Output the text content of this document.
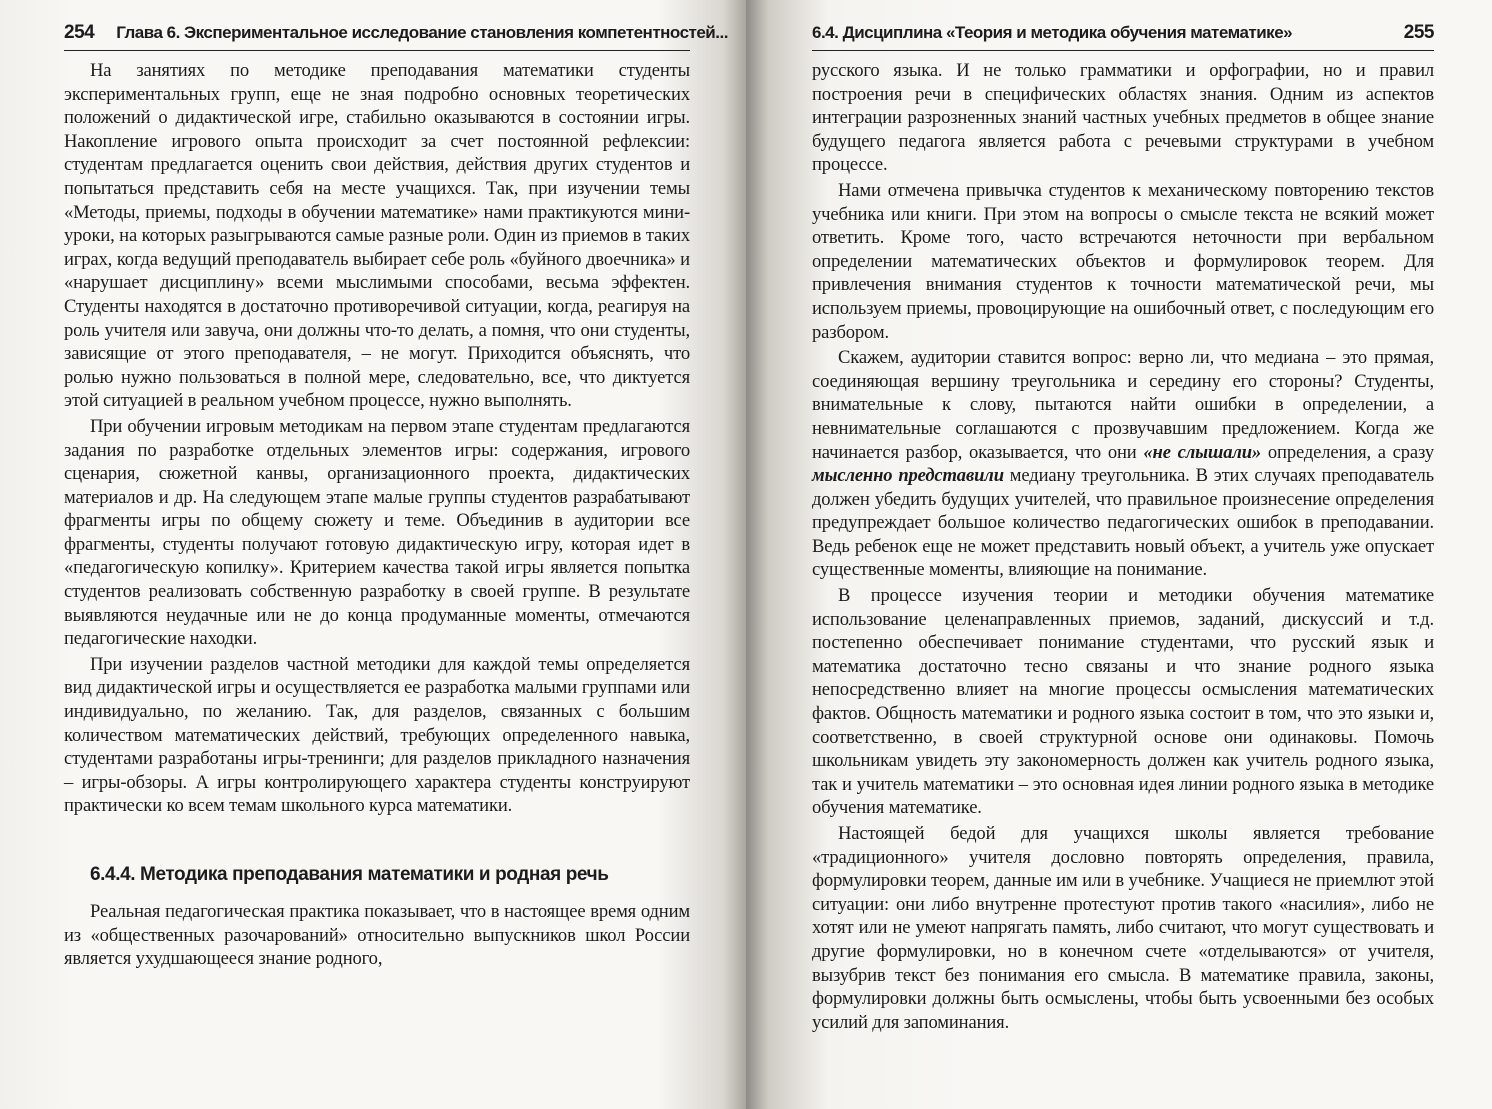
254 Глава 6. Экспериментальное исследование становления компетентностей...

На занятиях по методике преподавания математики студенты экспериментальных групп, еще не зная подробно основных теоретических положений о дидактической игре, стабильно оказываются в состоянии игры. Накопление игрового опыта происходит за счет постоянной рефлексии: студентам предлагается оценить свои действия, действия других студентов и попытаться представить себя на месте учащихся. Так, при изучении темы «Методы, приемы, подходы в обучении математике» нами практикуются мини-уроки, на которых разыгрываются самые разные роли. Один из приемов в таких играх, когда ведущий преподаватель выбирает себе роль «буйного двоечника» и «нарушает дисциплину» всеми мыслимыми способами, весьма эффектен. Студенты находятся в достаточно противоречивой ситуации, когда, реагируя на роль учителя или завуча, они должны что-то делать, а помня, что они студенты, зависящие от этого преподавателя, – не могут. Приходится объяснять, что ролью нужно пользоваться в полной мере, следовательно, все, что диктуется этой ситуацией в реальном учебном процессе, нужно выполнять.

При обучении игровым методикам на первом этапе студентам предлагаются задания по разработке отдельных элементов игры: содержания, игрового сценария, сюжетной канвы, организационного проекта, дидактических материалов и др. На следующем этапе малые группы студентов разрабатывают фрагменты игры по общему сюжету и теме. Объединив в аудитории все фрагменты, студенты получают готовую дидактическую игру, которая идет в «педагогическую копилку». Критерием качества такой игры является попытка студентов реализовать собственную разработку в своей группе. В результате выявляются неудачные или не до конца продуманные моменты, отмечаются педагогические находки.

При изучении разделов частной методики для каждой темы определяется вид дидактической игры и осуществляется ее разработка малыми группами или индивидуально, по желанию. Так, для разделов, связанных с большим количеством математических действий, требующих определенного навыка, студентами разработаны игры-тренинги; для разделов прикладного назначения – игры-обзоры. А игры контролирующего характера студенты конструируют практически ко всем темам школьного курса математики.

6.4.4. Методика преподавания математики и родная речь

Реальная педагогическая практика показывает, что в настоящее время одним из «общественных разочарований» относительно выпускников школ России является ухудшающееся знание родного,

6.4. Дисциплина «Теория и методика обучения математике»	255

русского языка. И не только грамматики и орфографии, но и правил построения речи в специфических областях знания. Одним из аспектов интеграции разрозненных знаний частных учебных предметов в общее знание будущего педагога является работа с речевыми структурами в учебном процессе.

Нами отмечена привычка студентов к механическому повторению текстов учебника или книги. При этом на вопросы о смысле текста не всякий может ответить. Кроме того, часто встречаются неточности при вербальном определении математических объектов и формулировок теорем. Для привлечения внимания студентов к точности математической речи, мы используем приемы, провоцирующие на ошибочный ответ, с последующим его разбором.

Скажем, аудитории ставится вопрос: верно ли, что медиана – это прямая, соединяющая вершину треугольника и середину его стороны? Студенты, внимательные к слову, пытаются найти ошибки в определении, а невнимательные соглашаются с прозвучавшим предложением. Когда же начинается разбор, оказывается, что они «не слышали» определения, а сразу мысленно представили медиану треугольника. В этих случаях преподаватель должен убедить будущих учителей, что правильное произнесение определения предупреждает большое количество педагогических ошибок в преподавании. Ведь ребенок еще не может представить новый объект, а учитель уже опускает существенные моменты, влияющие на понимание.

В процессе изучения теории и методики обучения математике использование целенаправленных приемов, заданий, дискуссий и т.д. постепенно обеспечивает понимание студентами, что русский язык и математика достаточно тесно связаны и что знание родного языка непосредственно влияет на многие процессы осмысления математических фактов. Общность математики и родного языка состоит в том, что это языки и, соответственно, в своей структурной основе они одинаковы. Помочь школьникам увидеть эту закономерность должен как учитель родного языка, так и учитель математики – это основная идея линии родного языка в методике обучения математике.

Настоящей бедой для учащихся школы является требование «традиционного» учителя дословно повторять определения, правила, формулировки теорем, данные им или в учебнике. Учащиеся не приемлют этой ситуации: они либо внутренне протестуют против такого «насилия», либо не хотят или не умеют напрягать память, либо считают, что могут существовать и другие формулировки, но в конечном счете «отделываются» от учителя, вызубрив текст без понимания его смысла. В математике правила, законы, формулировки должны быть осмыслены, чтобы быть усвоенными без особых усилий для запоминания.
